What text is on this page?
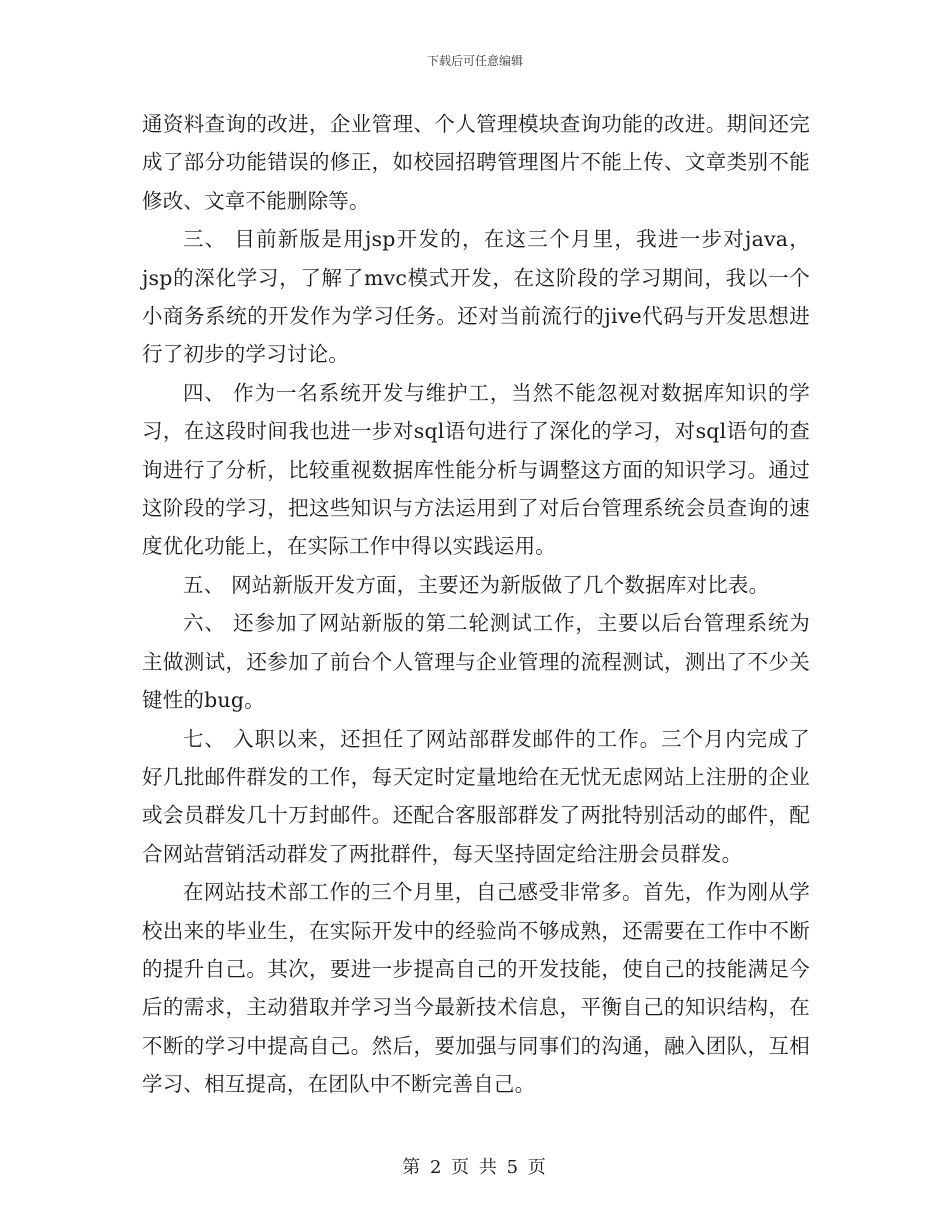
下载后可任意编辑

通资料查询的改进，企业管理、个人管理模块查询功能的改进。期间还完成了部分功能错误的修正，如校园招聘管理图片不能上传、文章类别不能修改、文章不能删除等。

三、 目前新版是用jsp开发的，在这三个月里，我进一步对java，jsp的深化学习，了解了mvc模式开发，在这阶段的学习期间，我以一个小商务系统的开发作为学习任务。还对当前流行的jive代码与开发思想进行了初步的学习讨论。

四、 作为一名系统开发与维护工，当然不能忽视对数据库知识的学习，在这段时间我也进一步对sql语句进行了深化的学习，对sql语句的查询进行了分析，比较重视数据库性能分析与调整这方面的知识学习。通过这阶段的学习，把这些知识与方法运用到了对后台管理系统会员查询的速度优化功能上，在实际工作中得以实践运用。

五、 网站新版开发方面，主要还为新版做了几个数据库对比表。

六、 还参加了网站新版的第二轮测试工作，主要以后台管理系统为主做测试，还参加了前台个人管理与企业管理的流程测试，测出了不少关键性的bug。

七、 入职以来，还担任了网站部群发邮件的工作。三个月内完成了好几批邮件群发的工作，每天定时定量地给在无忧无虑网站上注册的企业或会员群发几十万封邮件。还配合客服部群发了两批特别活动的邮件，配合网站营销活动群发了两批群件，每天坚持固定给注册会员群发。

在网站技术部工作的三个月里，自己感受非常多。首先，作为刚从学校出来的毕业生，在实际开发中的经验尚不够成熟，还需要在工作中不断的提升自己。其次，要进一步提高自己的开发技能，使自己的技能满足今后的需求，主动猎取并学习当今最新技术信息，平衡自己的知识结构，在不断的学习中提高自己。然后，要加强与同事们的沟通，融入团队，互相学习、相互提高，在团队中不断完善自己。

第 2 页 共 5 页
